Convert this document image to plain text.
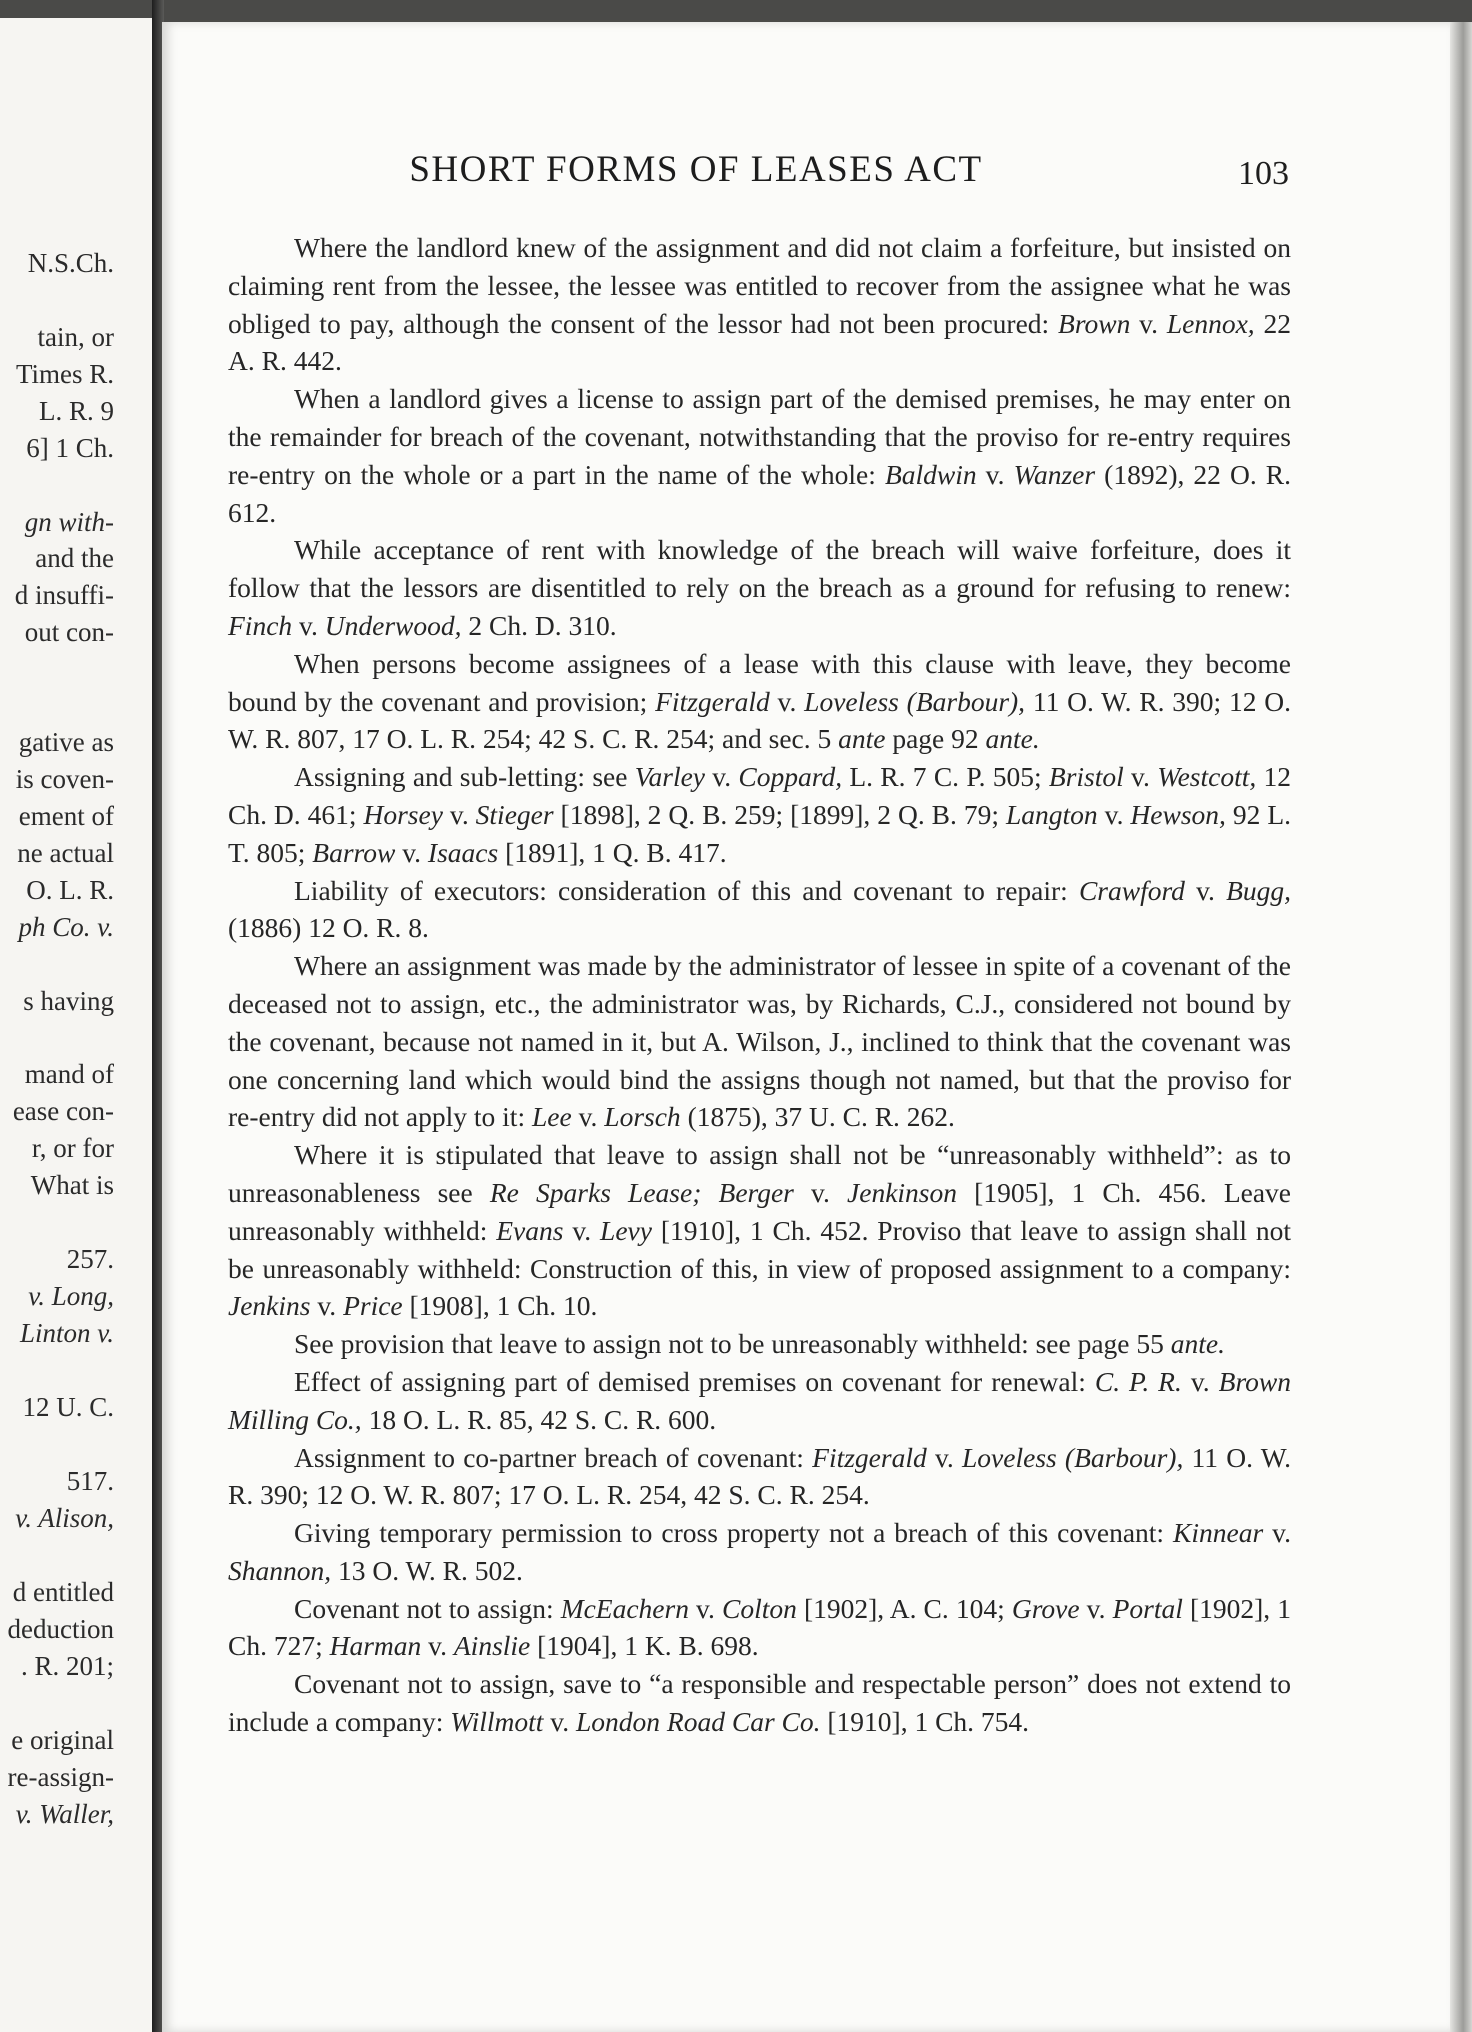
N.S.Ch.
tain, or
Times R.
L. R. 9
6] 1 Ch.
gn with-
and the
d insuffi-
out con-
gative as
is coven-
ement of
ne actual
O. L. R.
ph Co. v.
s having
mand of
ease con-
r, or for
What is
257.
v. Long,
Linton v.
12 U. C.
517.
v. Alison,
d entitled
deduction
. R. 201;
e original
re-assign-
v. Waller,
SHORT FORMS OF LEASES ACT	103

Where the landlord knew of the assignment and did not claim a forfeiture, but insisted on claiming rent from the lessee, the lessee was entitled to recover from the assignee what he was obliged to pay, although the consent of the lessor had not been procured: Brown v. Lennox, 22 A. R. 442.

When a landlord gives a license to assign part of the demised premises, he may enter on the remainder for breach of the covenant, notwithstanding that the proviso for re-entry requires re-entry on the whole or a part in the name of the whole: Baldwin v. Wanzer (1892), 22 O. R. 612.

While acceptance of rent with knowledge of the breach will waive forfeiture, does it follow that the lessors are disentitled to rely on the breach as a ground for refusing to renew: Finch v. Underwood, 2 Ch. D. 310.

When persons become assignees of a lease with this clause with leave, they become bound by the covenant and provision; Fitzgerald v. Loveless (Barbour), 11 O. W. R. 390; 12 O. W. R. 807, 17 O. L. R. 254; 42 S. C. R. 254; and sec. 5 ante page 92 ante.

Assigning and sub-letting: see Varley v. Coppard, L. R. 7 C. P. 505; Bristol v. Westcott, 12 Ch. D. 461; Horsey v. Stieger [1898], 2 Q. B. 259; [1899], 2 Q. B. 79; Langton v. Hewson, 92 L. T. 805; Barrow v. Isaacs [1891], 1 Q. B. 417.

Liability of executors: consideration of this and covenant to repair: Crawford v. Bugg, (1886) 12 O. R. 8.

Where an assignment was made by the administrator of lessee in spite of a covenant of the deceased not to assign, etc., the administrator was, by Richards, C.J., considered not bound by the covenant, because not named in it, but A. Wilson, J., inclined to think that the covenant was one concerning land which would bind the assigns though not named, but that the proviso for re-entry did not apply to it: Lee v. Lorsch (1875), 37 U. C. R. 262.

Where it is stipulated that leave to assign shall not be “unreasonably withheld”: as to unreasonableness see Re Sparks Lease; Berger v. Jenkinson [1905], 1 Ch. 456. Leave unreasonably withheld: Evans v. Levy [1910], 1 Ch. 452. Proviso that leave to assign shall not be unreasonably withheld: Construction of this, in view of proposed assignment to a company: Jenkins v. Price [1908], 1 Ch. 10.

See provision that leave to assign not to be unreasonably withheld: see page 55 ante.

Effect of assigning part of demised premises on covenant for renewal: C. P. R. v. Brown Milling Co., 18 O. L. R. 85, 42 S. C. R. 600.

Assignment to co-partner breach of covenant: Fitzgerald v. Loveless (Barbour), 11 O. W. R. 390; 12 O. W. R. 807; 17 O. L. R. 254, 42 S. C. R. 254.

Giving temporary permission to cross property not a breach of this covenant: Kinnear v. Shannon, 13 O. W. R. 502.

Covenant not to assign: McEachern v. Colton [1902], A. C. 104; Grove v. Portal [1902], 1 Ch. 727; Harman v. Ainslie [1904], 1 K. B. 698.

Covenant not to assign, save to “a responsible and respectable person” does not extend to include a company: Willmott v. London Road Car Co. [1910], 1 Ch. 754.
